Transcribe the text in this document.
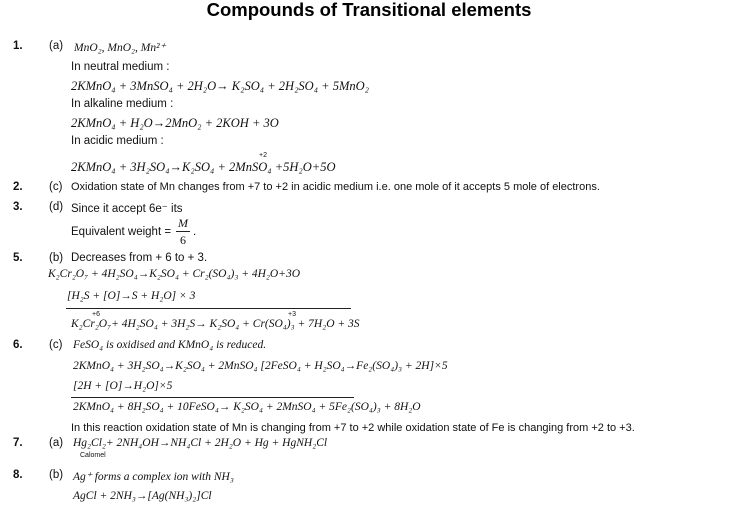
Compounds of Transitional elements
1. (a) MnO₂, MnO₂, Mn²⁺
In neutral medium :
2KMnO₄ + 3MnSO₄ + 2H₂O→ K₂SO₄ + 2H₂SO₄ + 5MnO₂
In alkaline medium :
2KMnO₄ + H₂O→2MnO₂ + 2KOH + 3O
In acidic medium :
+2
2KMnO₄ + 3H₂SO₄→K₂SO₄ + 2MnSO₄ +5H₂O+5O
2. (c) Oxidation state of Mn changes from +7 to +2 in acidic medium i.e. one mole of it accepts 5 mole of electrons.
3. (d) Since it accept 6e⁻ its
Equivalent weight =
M
6
.
5. (b) Decreases from + 6 to + 3.
K₂Cr₂O₇ + 4H₂SO₄→K₂SO₄ + Cr₂(SO₄)₃ + 4H₂O+3O
[H₂S + [O]→S + H₂O] × 3
+6	+3
K₂Cr₂O₇+ 4H₂SO₄ + 3H₂S→ K₂SO₄ + Cr(SO₄)₃ + 7H₂O + 3S
6. (c) FeSO₄ is oxidised and KMnO₄ is reduced.
2KMnO₄ + 3H₂SO₄→K₂SO₄ + 2MnSO₄ [2FeSO₄ + H₂SO₄→Fe₂(SO₄)₃ + 2H]×5
[2H + [O]→H₂O]×5
2KMnO₄ + 8H₂SO₄ + 10FeSO₄→ K₂SO₄ + 2MnSO₄ + 5Fe₂(SO₄)₃ + 8H₂O
In this reaction oxidation state of Mn is changing from +7 to +2 while oxidation state of Fe is changing from +2 to +3.
7. (a) Hg₂Cl₂+ 2NH₄OH→NH₄Cl + 2H₂O + Hg + HgNH₂Cl
Calomel
8. (b) Ag⁺ forms a complex ion with NH₃
AgCl + 2NH₃→[Ag(NH₃)₂]Cl
